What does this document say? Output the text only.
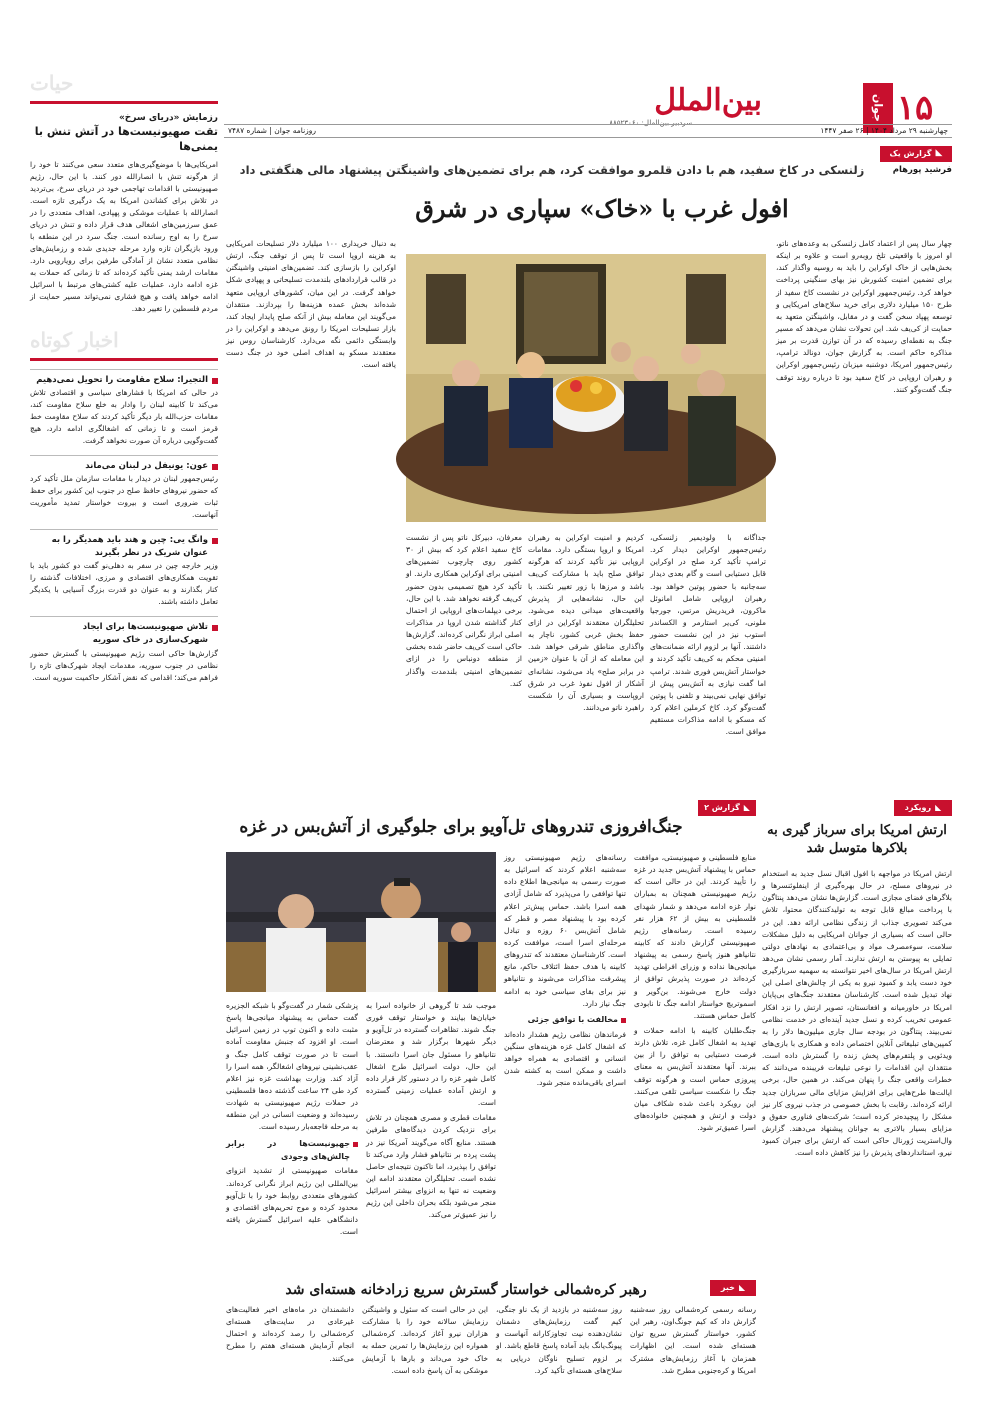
۱۵
جوان
بین‌الملل
سردبیر بین‌الملل: ۸۸۵۲۳۰۶۰
چهارشنبه ۲۹ مرداد ۱۴۰۴ | ۲۶ صفر ۱۴۴۷
روزنامه جوان | شماره ۷۴۸۷
حیات
رزمایش «دریای سرخ»
تقت صهیونیست‌ها در آتش تنش با یمنی‌ها

امریکایی‌ها با موضع‌گیری‌های متعدد سعی می‌کنند تا خود را از هرگونه تنش با انصارالله دور کنند. با این حال، رژیم صهیونیستی با اقدامات تهاجمی خود در دریای سرخ، بی‌تردید در تلاش برای کشاندن امریکا به یک درگیری تازه است. انصارالله با عملیات موشکی و پهپادی، اهداف متعددی را در عمق سرزمین‌های اشغالی هدف قرار داده و تنش در دریای سرخ را به اوج رسانده است. جنگ سرد در این منطقه با ورود بازیگران تازه وارد مرحله جدیدی شده و رزمایش‌های نظامی متعدد نشان از آمادگی طرفین برای رویارویی دارد. مقامات ارشد یمنی تأکید کرده‌اند که تا زمانی که حملات به غزه ادامه دارد، عملیات علیه کشتی‌های مرتبط با اسرائیل ادامه خواهد یافت و هیچ فشاری نمی‌تواند مسیر حمایت از مردم فلسطین را تغییر دهد.

اخبار کوتاه
التجیرا: سلاح مقاومت را تحویل نمی‌دهیم

در حالی که امریکا با فشارهای سیاسی و اقتصادی تلاش می‌کند تا کابینه لبنان را وادار به خلع سلاح مقاومت کند، مقامات حزب‌الله بار دیگر تأکید کردند که سلاح مقاومت خط قرمز است و تا زمانی که اشغالگری ادامه دارد، هیچ گفت‌وگویی درباره آن صورت نخواهد گرفت.

عون: یونیفل در لبنان می‌ماند

رئیس‌جمهور لبنان در دیدار با مقامات سازمان ملل تأکید کرد که حضور نیروهای حافظ صلح در جنوب این کشور برای حفظ ثبات ضروری است و بیروت خواستار تمدید مأموریت آنهاست.

وانگ یی: چین و هند باید همدیگر را به عنوان شریک در نظر بگیرند

وزیر خارجه چین در سفر به دهلی‌نو گفت دو کشور باید با تقویت همکاری‌های اقتصادی و مرزی، اختلافات گذشته را کنار بگذارند و به عنوان دو قدرت بزرگ آسیایی با یکدیگر تعامل داشته باشند.

تلاش صهیونیست‌ها برای ایجاد شهرک‌سازی در خاک سوریه

گزارش‌ها حاکی است رژیم صهیونیستی با گسترش حضور نظامی در جنوب سوریه، مقدمات ایجاد شهرک‌های تازه را فراهم می‌کند؛ اقدامی که نقض آشکار حاکمیت سوریه است.

◣
گزارش یک
فرشید پورهام
زلنسکی در کاخ سفید، هم با دادن قلمرو موافقت کرد، هم برای تضمین‌های واشینگتن پیشنهاد مالی هنگفتی داد
افول غرب با «خاک» سپاری در شرق

چهار سال پس از اعتماد کامل زلنسکی به وعده‌های ناتو، او امروز با واقعیتی تلخ روبه‌رو است و علاوه بر اینکه بخش‌هایی از خاک اوکراین را باید به روسیه واگذار کند، برای تضمین امنیت کشورش نیز بهای سنگینی پرداخت خواهد کرد. رئیس‌جمهور اوکراین در نشست کاخ سفید از طرح ۱۵۰ میلیارد دلاری برای خرید سلاح‌های امریکایی و توسعه پهپاد سخن گفت و در مقابل، واشینگتن متعهد به حمایت از کی‌یف شد. این تحولات نشان می‌دهد که مسیر جنگ به نقطه‌ای رسیده که در آن توازن قدرت بر میز مذاکره حاکم است. به گزارش جوان، دونالد ترامپ، رئیس‌جمهور امریکا، دوشنبه میزبان رئیس‌جمهور اوکراین و رهبران اروپایی در کاخ سفید بود تا درباره روند توقف جنگ گفت‌وگو کنند.

به دنبال خریداری ۱۰۰ میلیارد دلار تسلیحات امریکایی به هزینه اروپا است تا پس از توقف جنگ، ارتش اوکراین را بازسازی کند. تضمین‌های امنیتی واشینگتن در قالب قراردادهای بلندمدت تسلیحاتی و پهپادی شکل خواهد گرفت. در این میان، کشورهای اروپایی متعهد شده‌اند بخش عمده هزینه‌ها را بپردازند. منتقدان می‌گویند این معامله بیش از آنکه صلح پایدار ایجاد کند، بازار تسلیحات امریکا را رونق می‌دهد و اوکراین را در وابستگی دائمی نگه می‌دارد. کارشناسان روس نیز معتقدند مسکو به اهداف اصلی خود در جنگ دست یافته است.

جداگانه با ولودیمیر زلنسکی، رئیس‌جمهور اوکراین دیدار کرد. ترامپ تأکید کرد صلح در اوکراین قابل دستیابی است و گام بعدی دیدار سه‌جانبه با حضور پوتین خواهد بود. رهبران اروپایی شامل امانوئل ماکرون، فریدریش مرتس، جورجیا ملونی، کی‌یر استارمر و الکساندر استوب نیز در این نشست حضور داشتند. آنها بر لزوم ارائه ضمانت‌های امنیتی محکم به کی‌یف تأکید کردند و خواستار آتش‌بس فوری شدند. ترامپ اما گفت نیازی به آتش‌بس پیش از توافق نهایی نمی‌بیند و تلفنی با پوتین گفت‌وگو کرد. کاخ کرملین اعلام کرد که مسکو با ادامه مذاکرات مستقیم موافق است.

کردیم و امنیت اوکراین به رهبران امریکا و اروپا بستگی دارد. مقامات اروپایی نیز تأکید کردند که هرگونه توافق صلح باید با مشارکت کی‌یف باشد و مرزها با زور تغییر نکنند. با این حال، نشانه‌هایی از پذیرش واقعیت‌های میدانی دیده می‌شود. تحلیلگران معتقدند اوکراین در ازای حفظ بخش غربی کشور، ناچار به واگذاری مناطق شرقی خواهد شد. این معامله که از آن با عنوان «زمین در برابر صلح» یاد می‌شود، نشانه‌ای آشکار از افول نفوذ غرب در شرق اروپاست و بسیاری آن را شکست راهبرد ناتو می‌دانند.

معرفان، دبیرکل ناتو پس از نشست کاخ سفید اعلام کرد که بیش از ۳۰ کشور روی چارچوب تضمین‌های امنیتی برای اوکراین همکاری دارند. او تأکید کرد هیچ تصمیمی بدون حضور کی‌یف گرفته نخواهد شد. با این حال، برخی دیپلمات‌های اروپایی از احتمال کنار گذاشته شدن اروپا در مذاکرات اصلی ابراز نگرانی کرده‌اند. گزارش‌ها حاکی است کی‌یف حاضر شده بخشی از منطقه دونباس را در ازای تضمین‌های امنیتی بلندمدت واگذار کند.

◣
گزارش ۲
جنگ‌افروزی تندروهای تل‌آویو برای جلوگیری از آتش‌بس در غزه

منابع فلسطینی و صهیونیستی، موافقت حماس با پیشنهاد آتش‌بس جدید در غزه را تأیید کردند. این در حالی است که رژیم صهیونیستی همچنان به بمباران نوار غزه ادامه می‌دهد و شمار شهدای فلسطینی به بیش از ۶۲ هزار نفر رسیده است. رسانه‌های رژیم صهیونیستی گزارش دادند که کابینه نتانیاهو هنوز پاسخ رسمی به پیشنهاد میانجی‌ها نداده و وزرای افراطی تهدید کرده‌اند در صورت پذیرش توافق از دولت خارج می‌شوند. بن‌گویر و اسموتریچ خواستار ادامه جنگ تا نابودی کامل حماس هستند.

جنگ‌طلبان کابینه با ادامه حملات و تهدید به اشغال کامل غزه، تلاش دارند فرصت دستیابی به توافق را از بین ببرند. آنها معتقدند آتش‌بس به معنای پیروزی حماس است و هرگونه توقف جنگ را شکست سیاسی تلقی می‌کنند. این رویکرد باعث شده شکاف میان دولت و ارتش و همچنین خانواده‌های اسرا عمیق‌تر شود.

رسانه‌های رژیم صهیونیستی روز سه‌شنبه اعلام کردند که اسرائیل به صورت رسمی به میانجی‌ها اطلاع داده تنها توافقی را می‌پذیرد که شامل آزادی همه اسرا باشد. حماس پیش‌تر اعلام کرده بود با پیشنهاد مصر و قطر که شامل آتش‌بس ۶۰ روزه و تبادل مرحله‌ای اسرا است، موافقت کرده است. کارشناسان معتقدند که تندروهای کابینه با هدف حفظ ائتلاف حاکم، مانع پیشرفت مذاکرات می‌شوند و نتانیاهو نیز برای بقای سیاسی خود به ادامه جنگ نیاز دارد.

مخالفت با توافق جزئی

فرماندهان نظامی رژیم هشدار داده‌اند که اشغال کامل غزه هزینه‌های سنگین انسانی و اقتصادی به همراه خواهد داشت و ممکن است به کشته شدن اسرای باقی‌مانده منجر شود.

موجب شد تا گروهی از خانواده اسرا به خیابان‌ها بیایند و خواستار توقف فوری جنگ شوند. تظاهرات گسترده در تل‌آویو و دیگر شهرها برگزار شد و معترضان نتانیاهو را مسئول جان اسرا دانستند. با این حال، دولت اسرائیل طرح اشغال کامل شهر غزه را در دستور کار قرار داده و ارتش آماده عملیات زمینی گسترده است.

مقامات قطری و مصری همچنان در تلاش برای نزدیک کردن دیدگاه‌های طرفین هستند. منابع آگاه می‌گویند آمریکا نیز در پشت پرده بر نتانیاهو فشار وارد می‌کند تا توافق را بپذیرد، اما تاکنون نتیجه‌ای حاصل نشده است. تحلیلگران معتقدند ادامه این وضعیت نه تنها به انزوای بیشتر اسرائیل منجر می‌شود بلکه بحران داخلی این رژیم را نیز عمیق‌تر می‌کند.

پزشکی شمار در گفت‌وگو با شبکه الجزیره گفت حماس به پیشنهاد میانجی‌ها پاسخ مثبت داده و اکنون توپ در زمین اسرائیل است. او افزود که جنبش مقاومت آماده است تا در صورت توقف کامل جنگ و عقب‌نشینی نیروهای اشغالگر، همه اسرا را آزاد کند. وزارت بهداشت غزه نیز اعلام کرد طی ۲۴ ساعت گذشته ده‌ها فلسطینی در حملات رژیم صهیونیستی به شهادت رسیده‌اند و وضعیت انسانی در این منطقه به مرحله فاجعه‌بار رسیده است.

جهیونیست‌ها در برابر چالش‌های وجودی

مقامات صهیونیستی از تشدید انزوای بین‌المللی این رژیم ابراز نگرانی کرده‌اند. کشورهای متعددی روابط خود را با تل‌آویو محدود کرده و موج تحریم‌های اقتصادی و دانشگاهی علیه اسرائیل گسترش یافته است.

◣
رویکرد
ارتش امریکا برای سرباز گیری به بلاکرها متوسل شد

ارتش امریکا در مواجهه با افول اقبال نسل جدید به استخدام در نیروهای مسلح، در حال بهره‌گیری از اینفلوئنسرها و بلاگرهای فضای مجازی است. گزارش‌ها نشان می‌دهد پنتاگون با پرداخت مبالغ قابل توجه به تولیدکنندگان محتوا، تلاش می‌کند تصویری جذاب از زندگی نظامی ارائه دهد. این در حالی است که بسیاری از جوانان امریکایی به دلیل مشکلات سلامت، سوء‌مصرف مواد و بی‌اعتمادی به نهادهای دولتی تمایلی به پیوستن به ارتش ندارند. آمار رسمی نشان می‌دهد ارتش امریکا در سال‌های اخیر نتوانسته به سهمیه سربازگیری خود دست یابد و کمبود نیرو به یکی از چالش‌های اصلی این نهاد تبدیل شده است. کارشناسان معتقدند جنگ‌های بی‌پایان امریکا در خاورمیانه و افغانستان، تصویر ارتش را نزد افکار عمومی تخریب کرده و نسل جدید آینده‌ای در خدمت نظامی نمی‌بیند. پنتاگون در بودجه سال جاری میلیون‌ها دلار را به کمپین‌های تبلیغاتی آنلاین اختصاص داده و همکاری با بازی‌های ویدئویی و پلتفرم‌های پخش زنده را گسترش داده است. منتقدان این اقدامات را نوعی تبلیغات فریبنده می‌دانند که خطرات واقعی جنگ را پنهان می‌کند. در همین حال، برخی ایالت‌ها طرح‌هایی برای افزایش مزایای مالی سربازان جدید ارائه کرده‌اند. رقابت با بخش خصوصی در جذب نیروی کار نیز مشکل را پیچیده‌تر کرده است؛ شرکت‌های فناوری حقوق و مزایای بسیار بالاتری به جوانان پیشنهاد می‌دهند. گزارش وال‌استریت ژورنال حاکی است که ارتش برای جبران کمبود نیرو، استانداردهای پذیرش را نیز کاهش داده است.

◣
خبر
رهبر کره‌شمالی خواستار گسترش سریع زرادخانه هسته‌ای شد

رسانه رسمی کره‌شمالی روز سه‌شنبه گزارش داد که کیم جونگ‌اون، رهبر این کشور، خواستار گسترش سریع توان هسته‌ای شده است. این اظهارات همزمان با آغاز رزمایش‌های مشترک امریکا و کره‌جنوبی مطرح شد.

روز سه‌شنبه در بازدید از یک ناو جنگی، کیم گفت رزمایش‌های دشمنان نشان‌دهنده نیت تجاوزکارانه آنهاست و پیونگ‌یانگ باید آماده پاسخ قاطع باشد. او بر لزوم تسلیح ناوگان دریایی به سلاح‌های هسته‌ای تأکید کرد.

این در حالی است که سئول و واشینگتن رزمایش سالانه خود را با مشارکت هزاران نیرو آغاز کرده‌اند. کره‌شمالی همواره این رزمایش‌ها را تمرین حمله به خاک خود می‌داند و بارها با آزمایش موشکی به آن پاسخ داده است.

دانشمندان در ماه‌های اخیر فعالیت‌های غیرعادی در سایت‌های هسته‌ای کره‌شمالی را رصد کرده‌اند و احتمال انجام آزمایش هسته‌ای هفتم را مطرح می‌کنند.
